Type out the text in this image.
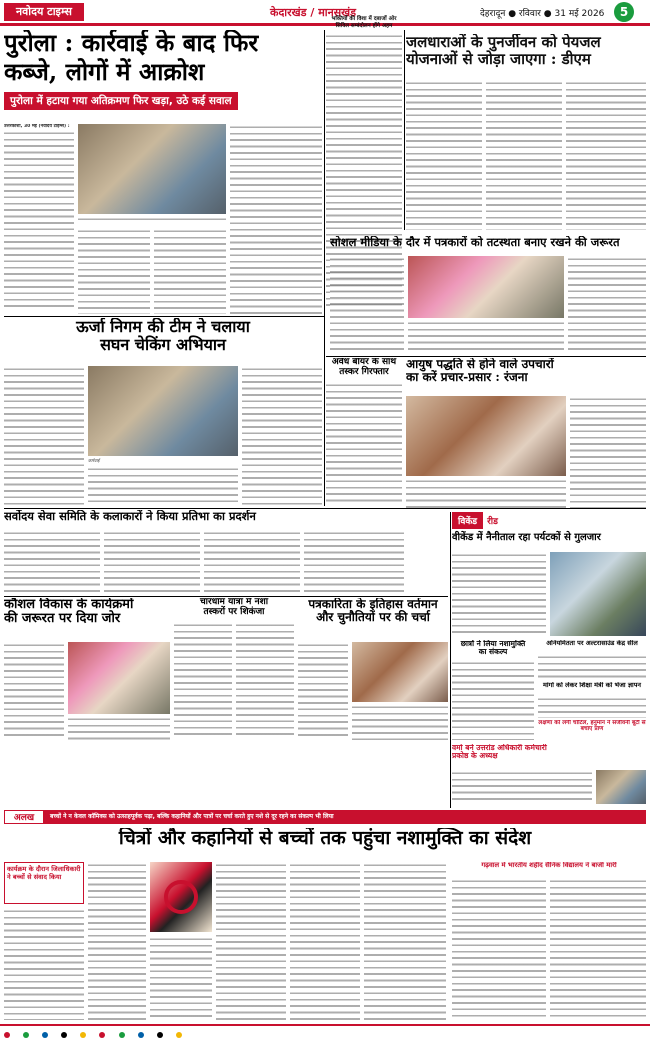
नवोदय टाइम्स	केदारखंड / मानसखंड	देहरादून ● रविवार ● 31 मई 2026	5
पुरोला : कार्रवाई के बाद फिर
कब्जे, लोगों में आक्रोश
पुरोला में हटाया गया अतिक्रमण फिर खड़ा, उठे कई सवाल
उत्तरकाशी, 30 मई (नवोदय टाइम्स) :
भक्तियों की विशा में दबाजों ओर सिविल सम्बंदोलन होंगे अहम
जलधाराओं के पुनर्जीवन को पेयजल
योजनाओं से जोड़ा जाएगा : डीएम
सोशल मीडिया के दौर में पत्रकारों को तटस्थता बनाए रखने की जरूरत
ऊर्जा निगम की टीम ने चलाया
सघन चेकिंग अभियान
कार्रवाई
अवैध बीयर के साथ
तस्कर गिरफ्तार
आयुष पद्धति से होने वाले उपचारों
का करें प्रचार-प्रसार : रंजना
विकेंड	रीड
वीकेंड में नैनीताल रहा पर्यटकों से गुलजार
सर्वोदय सेवा समिति के कलाकारों ने किया प्रतिभा का प्रदर्शन
कौशल विकास के कार्यक्रमों
की जरूरत पर दिया जोर
चारधाम यात्रा में नशा
तस्करों पर शिकंजा
पत्रकारिता के इतिहास वर्तमान
और चुनौतियों पर की चर्चा
छात्रों ने लिया नशामुक्ति
का संकल्प
अनियमितता पर अल्टरासाउंड केंद्र सील
मांगों को लेकर शिक्षा मंत्री को भेजा ज्ञापन
लक्षणा को लगी चोटिल, हनुमान ने संजीवनी बूटी से बचाए प्राण
वर्मा बने उत्तरांड अधिकारी कर्मचारी
प्रकोष्ठ के अध्यक्ष
अलख	बच्चों ने न केवल कॉमिक्स को उत्साहपूर्वक पढ़ा, बल्कि कहानियों और पात्रों पर चर्चा करते हुए नशे से दूर रहने का संकल्प भी लिया
चित्रों और कहानियों से बच्चों तक पहुंचा नशामुक्ति का संदेश
कार्यक्रम के दौरान जिलाधिकारी ने बच्चों से संवाद किया
गढ़वाल में भारतीय शहीद सैनिक विद्यालय ने बाजी मारी
